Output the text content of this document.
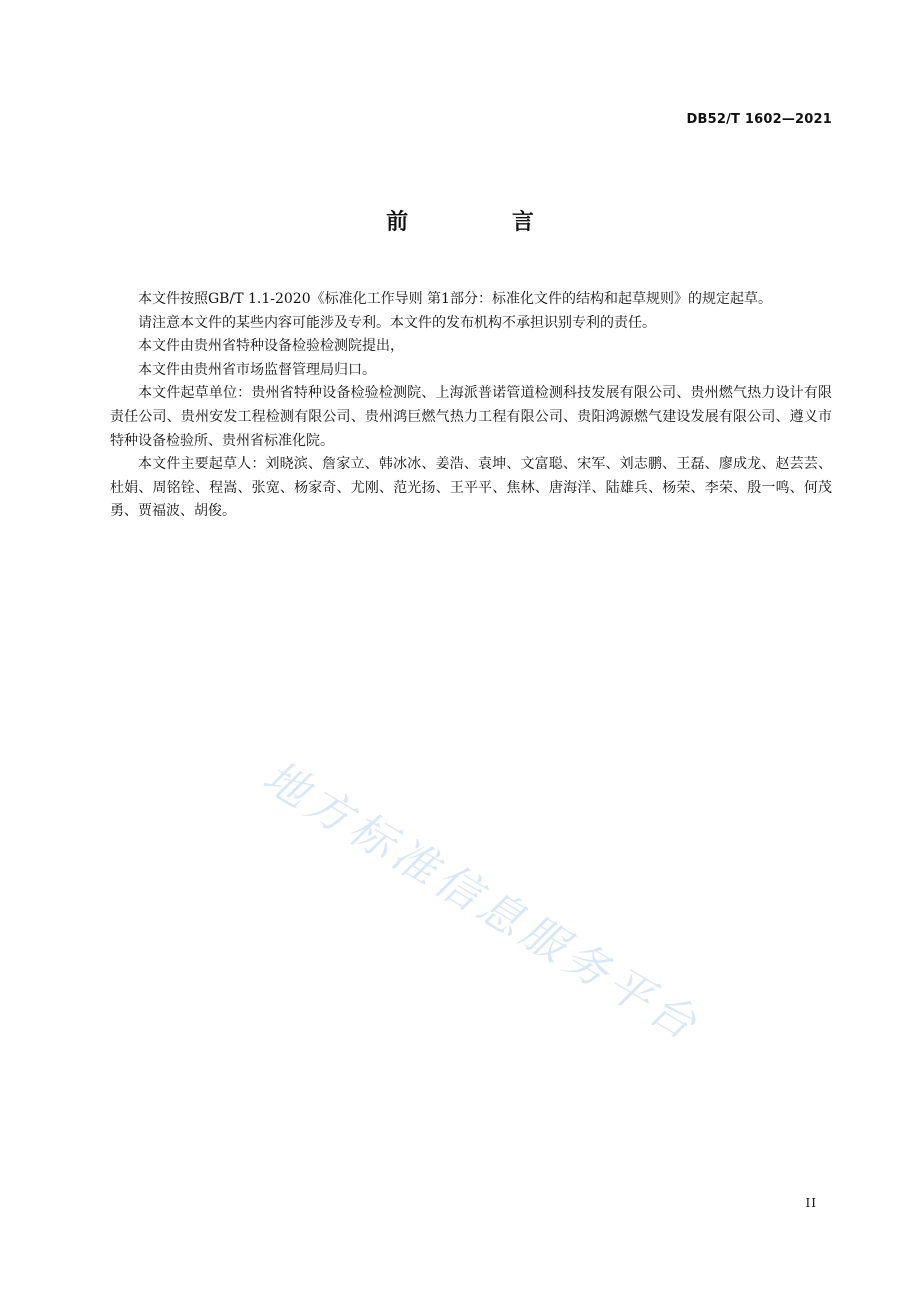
DB52/T 1602—2021
前 言

本文件按照GB/T 1.1-2020《标准化工作导则 第1部分：标准化文件的结构和起草规则》的规定起草。

请注意本文件的某些内容可能涉及专利。本文件的发布机构不承担识别专利的责任。

本文件由贵州省特种设备检验检测院提出，

本文件由贵州省市场监督管理局归口。

本文件起草单位：贵州省特种设备检验检测院、上海派普诺管道检测科技发展有限公司、贵州燃气热力设计有限责任公司、贵州安发工程检测有限公司、贵州鸿巨燃气热力工程有限公司、贵阳鸿源燃气建设发展有限公司、遵义市特种设备检验所、贵州省标准化院。

本文件主要起草人：刘晓滨、詹家立、韩冰冰、姜浩、袁坤、文富聪、宋军、刘志鹏、王磊、廖成龙、赵芸芸、杜娟、周铭铨、程嵩、张宽、杨家奇、尤刚、范光扬、王平平、焦林、唐海洋、陆雄兵、杨荣、李荣、殷一鸣、何茂勇、贾福波、胡俊。

地方标准信息服务平台
II
